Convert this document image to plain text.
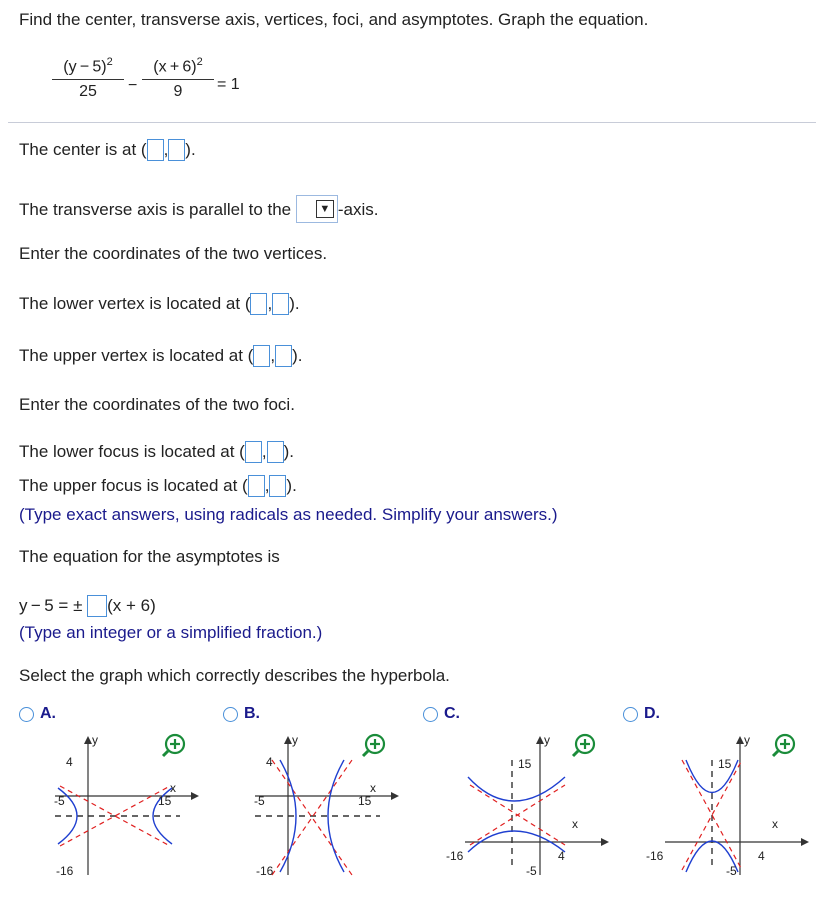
Find the center, transverse axis, vertices, foci, and asymptotes. Graph the equation.
$(y - 5)^2$
25	−
$(x + 6)^2$
9	= 1
The center is at ( , ).
The transverse axis is parallel to the	▼ -axis.
Enter the coordinates of the two vertices.
The lower vertex is located at ( , ).
The upper vertex is located at ( , ).
Enter the coordinates of the two foci.
The lower focus is located at ( , ).
The upper focus is located at ( , ).
(Type exact answers, using radicals as needed. Simplify your answers.)
The equation for the asymptotes is
y − 5 = ± (x + 6)
(Type an integer or a simplified fraction.)
Select the graph which correctly describes the hyperbola.
A.	B.	C.	D.
y
x
4
-5	15
-16
y
x
4
-5	15
-16
y
x
15
-16	4
-5
y
x
15
-16	4
-5
